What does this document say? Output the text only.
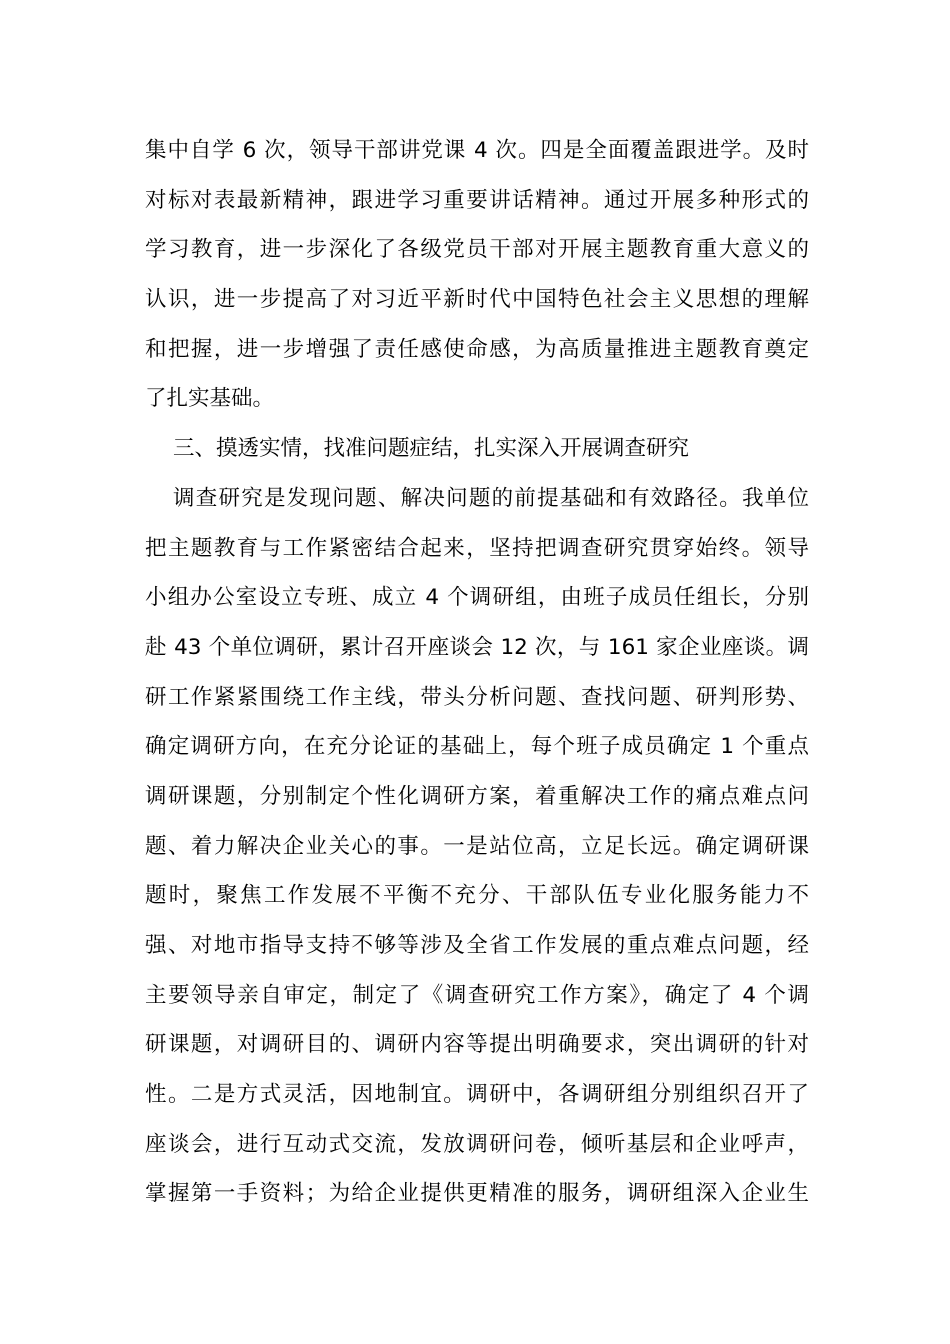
集中自学 6 次，领导干部讲党课 4 次。四是全面覆盖跟进学。及时
对标对表最新精神，跟进学习重要讲话精神。通过开展多种形式的
学习教育，进一步深化了各级党员干部对开展主题教育重大意义的
认识，进一步提高了对习近平新时代中国特色社会主义思想的理解
和把握，进一步增强了责任感使命感，为高质量推进主题教育奠定
了扎实基础。
三、摸透实情，找准问题症结，扎实深入开展调查研究
调查研究是发现问题、解决问题的前提基础和有效路径。我单位
把主题教育与工作紧密结合起来，坚持把调查研究贯穿始终。领导
小组办公室设立专班、成立 4 个调研组，由班子成员任组长，分别
赴 43 个单位调研，累计召开座谈会 12 次，与 161 家企业座谈。调
研工作紧紧围绕工作主线，带头分析问题、查找问题、研判形势、
确定调研方向，在充分论证的基础上，每个班子成员确定 1 个重点
调研课题，分别制定个性化调研方案，着重解决工作的痛点难点问
题、着力解决企业关心的事。一是站位高，立足长远。确定调研课
题时，聚焦工作发展不平衡不充分、干部队伍专业化服务能力不
强、对地市指导支持不够等涉及全省工作发展的重点难点问题，经
主要领导亲自审定，制定了《调查研究工作方案》，确定了 4 个调
研课题，对调研目的、调研内容等提出明确要求，突出调研的针对
性。二是方式灵活，因地制宜。调研中，各调研组分别组织召开了
座谈会，进行互动式交流，发放调研问卷，倾听基层和企业呼声，
掌握第一手资料；为给企业提供更精准的服务，调研组深入企业生
